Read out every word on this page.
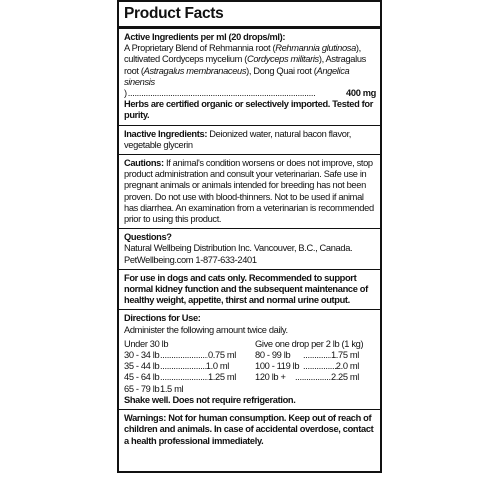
Product Facts
Active Ingredients per ml (20 drops/ml):
A Proprietary Blend of Rehmannia root (Rehmannia glutinosa), cultivated Cordyceps mycelium (Cordyceps militaris), Astragalus root (Astragalus membranaceus), Dong Quai root (Angelica sinensis
) .....	400 mg
Herbs are certified organic or selectively imported. Tested for purity.
Inactive Ingredients: Deionized water, natural bacon flavor, vegetable glycerin
Cautions: If animal's condition worsens or does not improve, stop product administration and consult your veterinarian. Safe use in pregnant animals or animals intended for breeding has not been proven. Do not use with blood-thinners. Not to be used if animal has diarrhea. An examination from a veterinarian is recommended prior to using this product.
Questions?
Natural Wellbeing Distribution Inc. Vancouver, B.C., Canada.
PetWellbeing.com 1-877-633-2401
For use in dogs and cats only. Recommended to support normal kidney function and the subsequent maintenance of healthy weight, appetite, thirst and normal urine output.
Directions for Use:
Administer the following amount twice daily.
Under 30 lb	Give one drop per 2 lb (1 kg)
30 - 34 lb .....	0.75 ml
35 - 44 lb .....	1.0 ml
45 - 64 lb .....	1.25 ml
65 - 79 lb 1.5 ml
80 - 99 lb .....	1.75 ml
100 - 119 lb .....	2.0 ml
120 lb + .....	2.25 ml
Shake well. Does not require refrigeration.
Warnings: Not for human consumption. Keep out of reach of children and animals. In case of accidental overdose, contact a health professional immediately.
